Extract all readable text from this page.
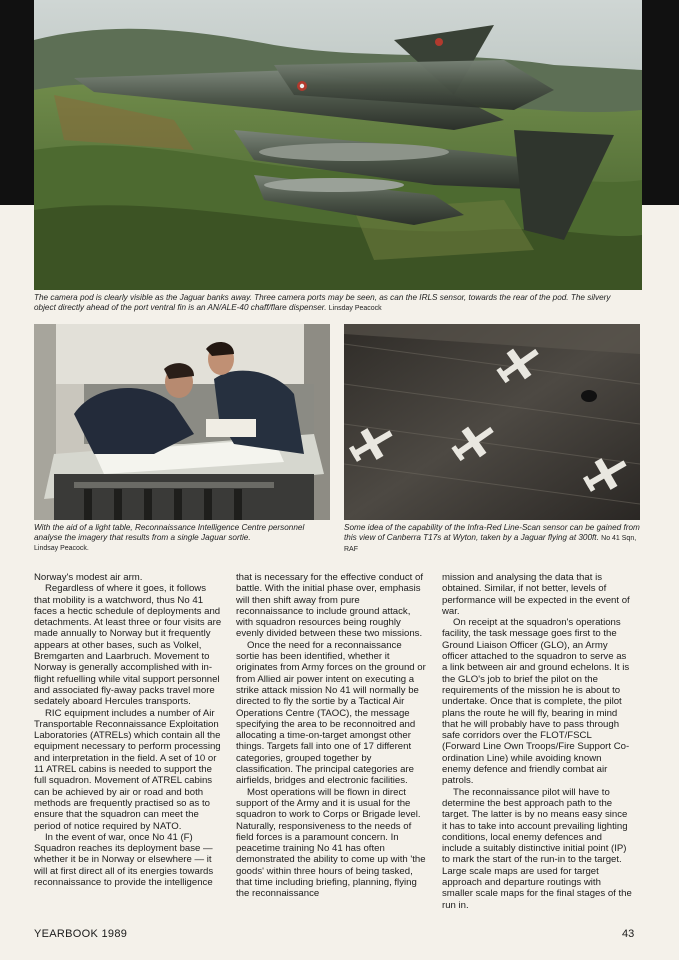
The camera pod is clearly visible as the Jaguar banks away. Three camera ports may be seen, as can the IRLS sensor, towards the rear of the pod. The silvery object directly ahead of the port ventral fin is an AN/ALE-40 chaff/flare dispenser. Linsday Peacock
With the aid of a light table, Reconnaissance Intelligence Centre personnel analyse the imagery that results from a single Jaguar sortie.
Lindsay Peacock.
Some idea of the capability of the Infra-Red Line-Scan sensor can be gained from this view of Canberra T17s at Wyton, taken by a Jaguar flying at 300ft. No 41 Sqn, RAF

Norway's modest air arm.

Regardless of where it goes, it follows that mobility is a watchword, thus No 41 faces a hectic schedule of deployments and detachments. At least three or four visits are made annually to Norway but it frequently appears at other bases, such as Volkel, Bremgarten and Laarbruch. Movement to Norway is generally accomplished with in-flight refuelling while vital support personnel and associated fly-away packs travel more sedately aboard Hercules transports.

RIC equipment includes a number of Air Transportable Reconnaissance Exploitation Laboratories (ATRELs) which contain all the equipment necessary to perform processing and interpretation in the field. A set of 10 or 11 ATREL cabins is needed to support the full squadron. Movement of ATREL cabins can be achieved by air or road and both methods are frequently practised so as to ensure that the squadron can meet the period of notice required by NATO.

In the event of war, once No 41 (F) Squadron reaches its deployment base — whether it be in Norway or elsewhere — it will at first direct all of its energies towards reconnaissance to provide the intelligence

that is necessary for the effective conduct of battle. With the initial phase over, emphasis will then shift away from pure reconnaissance to include ground attack, with squadron resources being roughly evenly divided between these two missions.

Once the need for a reconnaissance sortie has been identified, whether it originates from Army forces on the ground or from Allied air power intent on executing a strike attack mission No 41 will normally be directed to fly the sortie by a Tactical Air Operations Centre (TAOC), the message specifying the area to be reconnoitred and allocating a time-on-target amongst other things. Targets fall into one of 17 different categories, grouped together by classification. The principal categories are airfields, bridges and electronic facilities.

Most operations will be flown in direct support of the Army and it is usual for the squadron to work to Corps or Brigade level. Naturally, responsiveness to the needs of field forces is a paramount concern. In peacetime training No 41 has often demonstrated the ability to come up with 'the goods' within three hours of being tasked, that time including briefing, planning, flying the reconnaissance

mission and analysing the data that is obtained. Similar, if not better, levels of performance will be expected in the event of war.

On receipt at the squadron's operations facility, the task message goes first to the Ground Liaison Officer (GLO), an Army officer attached to the squadron to serve as a link between air and ground echelons. It is the GLO's job to brief the pilot on the requirements of the mission he is about to undertake. Once that is complete, the pilot plans the route he will fly, bearing in mind that he will probably have to pass through safe corridors over the FLOT/FSCL (Forward Line Own Troops/Fire Support Co-ordination Line) while avoiding known enemy defence and friendly combat air patrols.

The reconnaissance pilot will have to determine the best approach path to the target. The latter is by no means easy since it has to take into account prevailing lighting conditions, local enemy defences and include a suitably distinctive initial point (IP) to mark the start of the run-in to the target. Large scale maps are used for target approach and departure routings with smaller scale maps for the final stages of the run in.

YEARBOOK 1989	43
